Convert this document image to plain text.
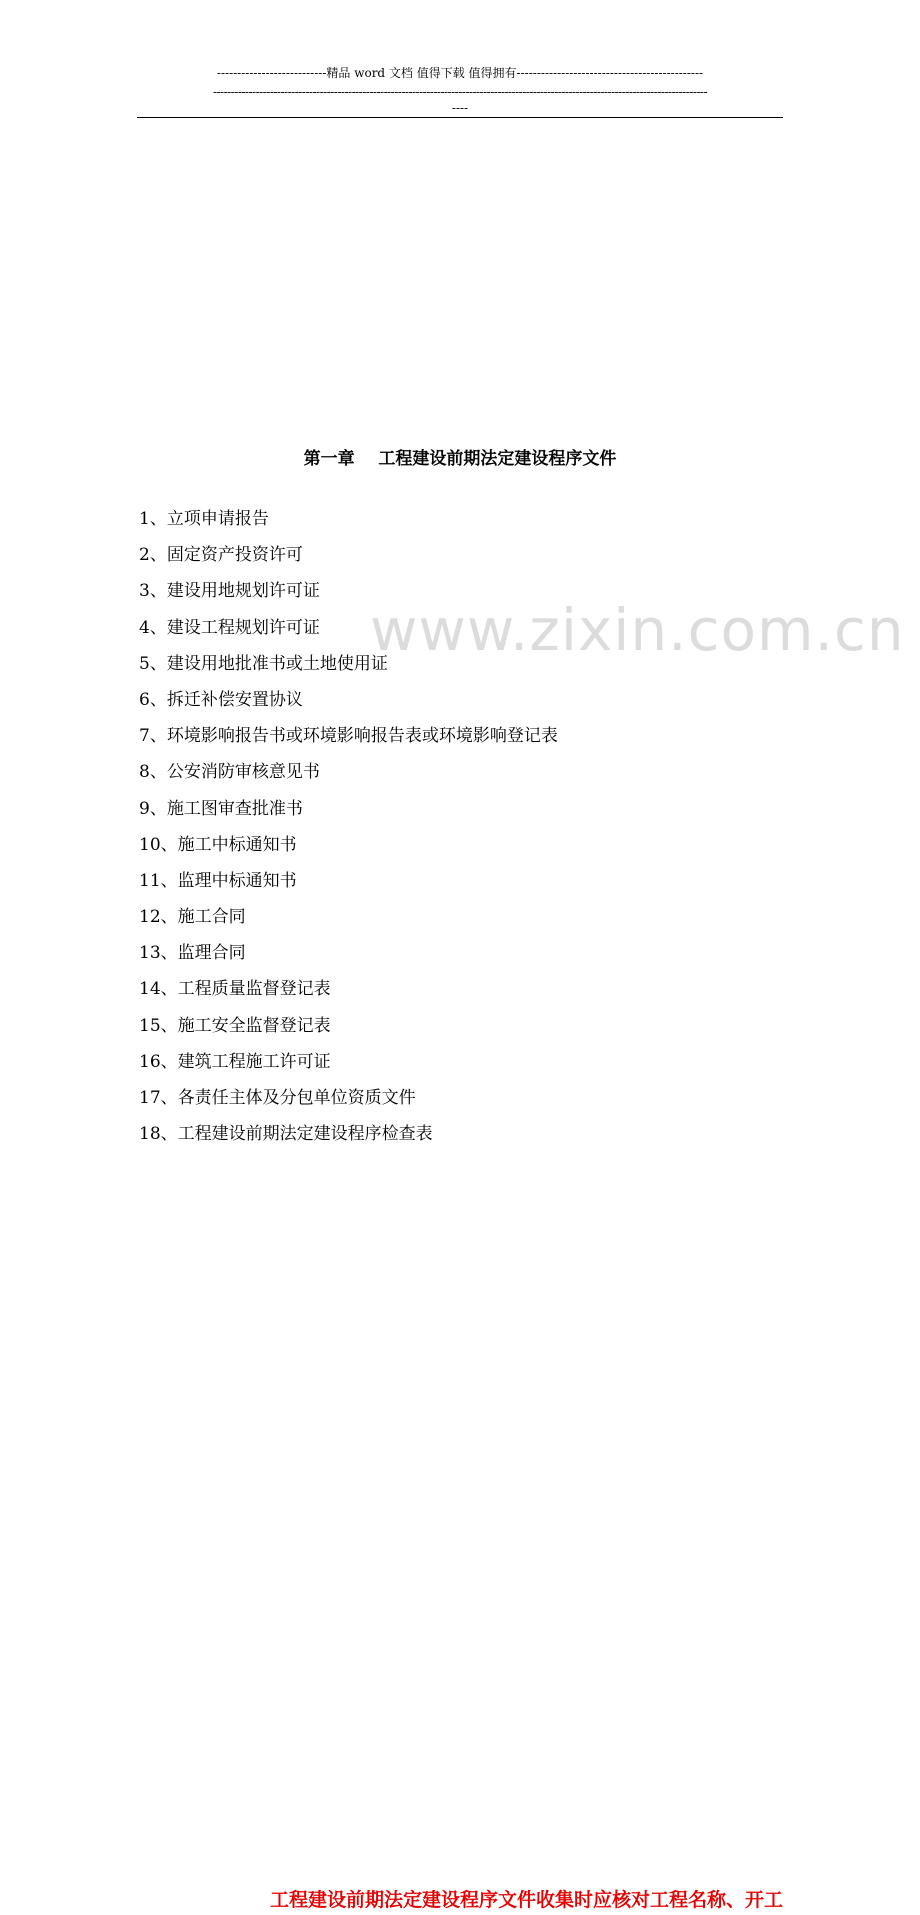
www.zixin.com.cn
---------------------------精品 word 文档 值得下载 值得拥有----------------------------------------------
-------------------------------------------------------------------------------------------------------------------------------------------
----
第一章    工程建设前期法定建设程序文件
1、立项申请报告
2、固定资产投资许可
3、建设用地规划许可证
4、建设工程规划许可证
5、建设用地批准书或土地使用证
6、拆迁补偿安置协议
7、环境影响报告书或环境影响报告表或环境影响登记表
8、公安消防审核意见书
9、施工图审查批准书
10、施工中标通知书
11、监理中标通知书
12、施工合同
13、监理合同
14、工程质量监督登记表
15、施工安全监督登记表
16、建筑工程施工许可证
17、各责任主体及分包单位资质文件
18、工程建设前期法定建设程序检查表
工程建设前期法定建设程序文件收集时应核对工程名称、开工
